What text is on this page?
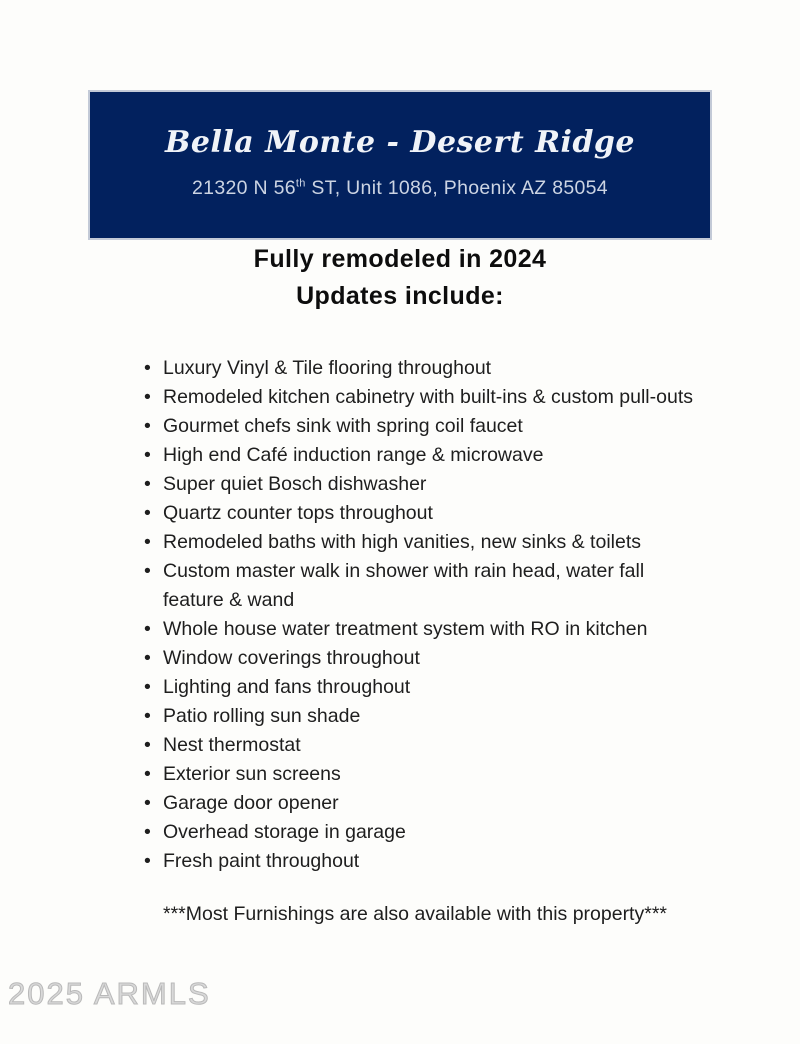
Bella Monte - Desert Ridge
21320 N 56th ST, Unit 1086, Phoenix AZ 85054
Fully remodeled in 2024
Updates include:
• Luxury Vinyl & Tile flooring throughout
• Remodeled kitchen cabinetry with built-ins & custom pull-outs
• Gourmet chefs sink with spring coil faucet
• High end Café induction range & microwave
• Super quiet Bosch dishwasher
• Quartz counter tops throughout
• Remodeled baths with high vanities, new sinks & toilets
• Custom master walk in shower with rain head, water fall feature & wand
• Whole house water treatment system with RO in kitchen
• Window coverings throughout
• Lighting and fans throughout
• Patio rolling sun shade
• Nest thermostat
• Exterior sun screens
• Garage door opener
• Overhead storage in garage
• Fresh paint throughout
***Most Furnishings are also available with this property***
2025 ARMLS
